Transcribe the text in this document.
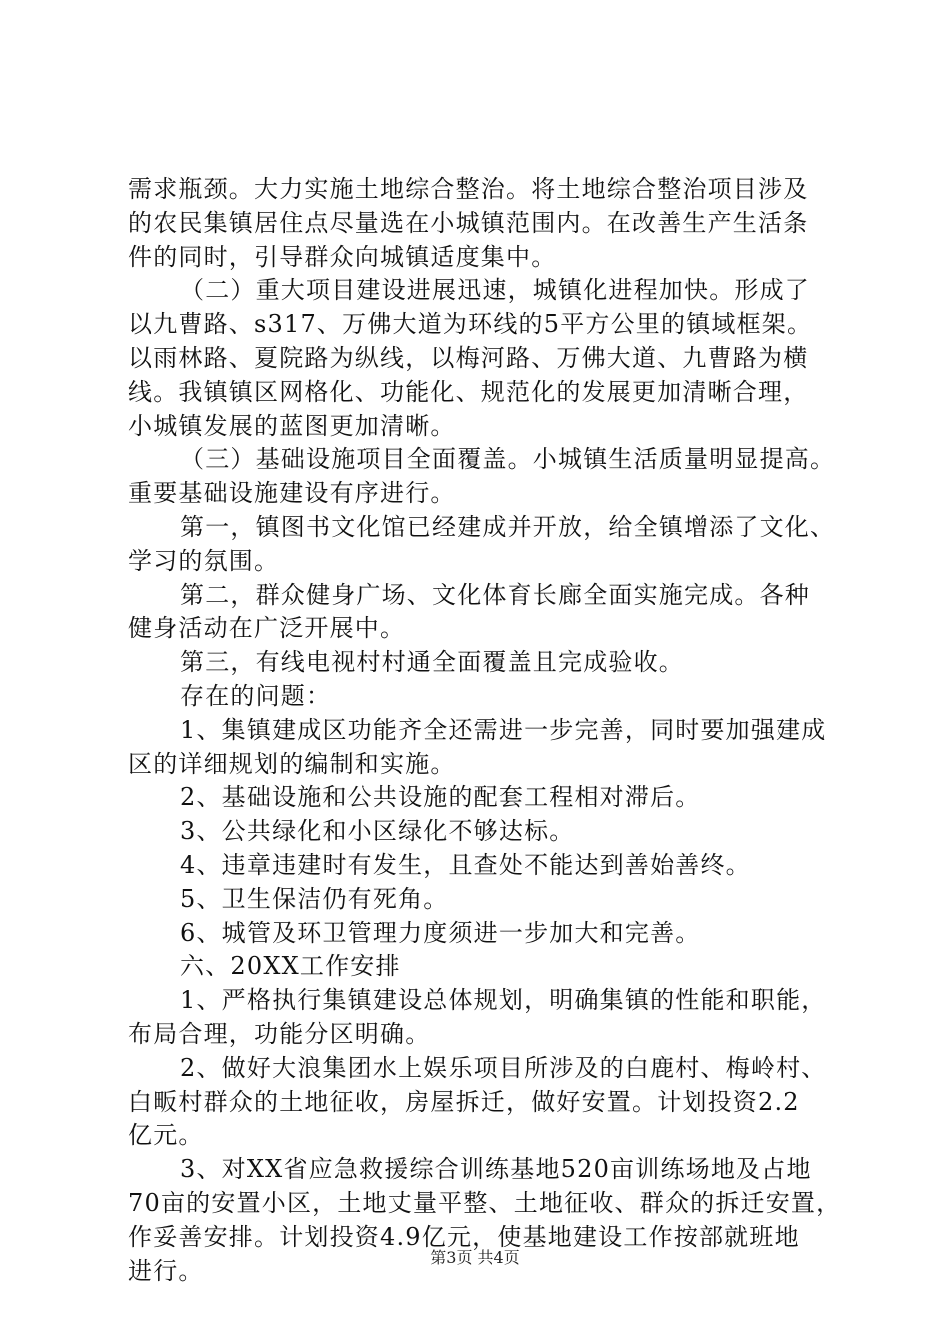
需求瓶颈。大力实施土地综合整治。将土地综合整治项目涉及
的农民集镇居住点尽量选在小城镇范围内。在改善生产生活条
件的同时，引导群众向城镇适度集中。
（二）重大项目建设进展迅速，城镇化进程加快。形成了
以九曹路、s317、万佛大道为环线的5平方公里的镇域框架。
以雨林路、夏院路为纵线，以梅河路、万佛大道、九曹路为横
线。我镇镇区网格化、功能化、规范化的发展更加清晰合理，
小城镇发展的蓝图更加清晰。
（三）基础设施项目全面覆盖。小城镇生活质量明显提高。
重要基础设施建设有序进行。
第一，镇图书文化馆已经建成并开放，给全镇增添了文化、
学习的氛围。
第二，群众健身广场、文化体育长廊全面实施完成。各种
健身活动在广泛开展中。
第三，有线电视村村通全面覆盖且完成验收。
存在的问题：
1、集镇建成区功能齐全还需进一步完善，同时要加强建成
区的详细规划的编制和实施。
2、基础设施和公共设施的配套工程相对滞后。
3、公共绿化和小区绿化不够达标。
4、违章违建时有发生，且查处不能达到善始善终。
5、卫生保洁仍有死角。
6、城管及环卫管理力度须进一步加大和完善。
六、20XX工作安排
1、严格执行集镇建设总体规划，明确集镇的性能和职能，
布局合理，功能分区明确。
2、做好大浪集团水上娱乐项目所涉及的白鹿村、梅岭村、
白畈村群众的土地征收，房屋拆迁，做好安置。计划投资2.2
亿元。
3、对XX省应急救援综合训练基地520亩训练场地及占地
70亩的安置小区，土地丈量平整、土地征收、群众的拆迁安置，
作妥善安排。计划投资4.9亿元，使基地建设工作按部就班地
进行。	第3页 共4页
